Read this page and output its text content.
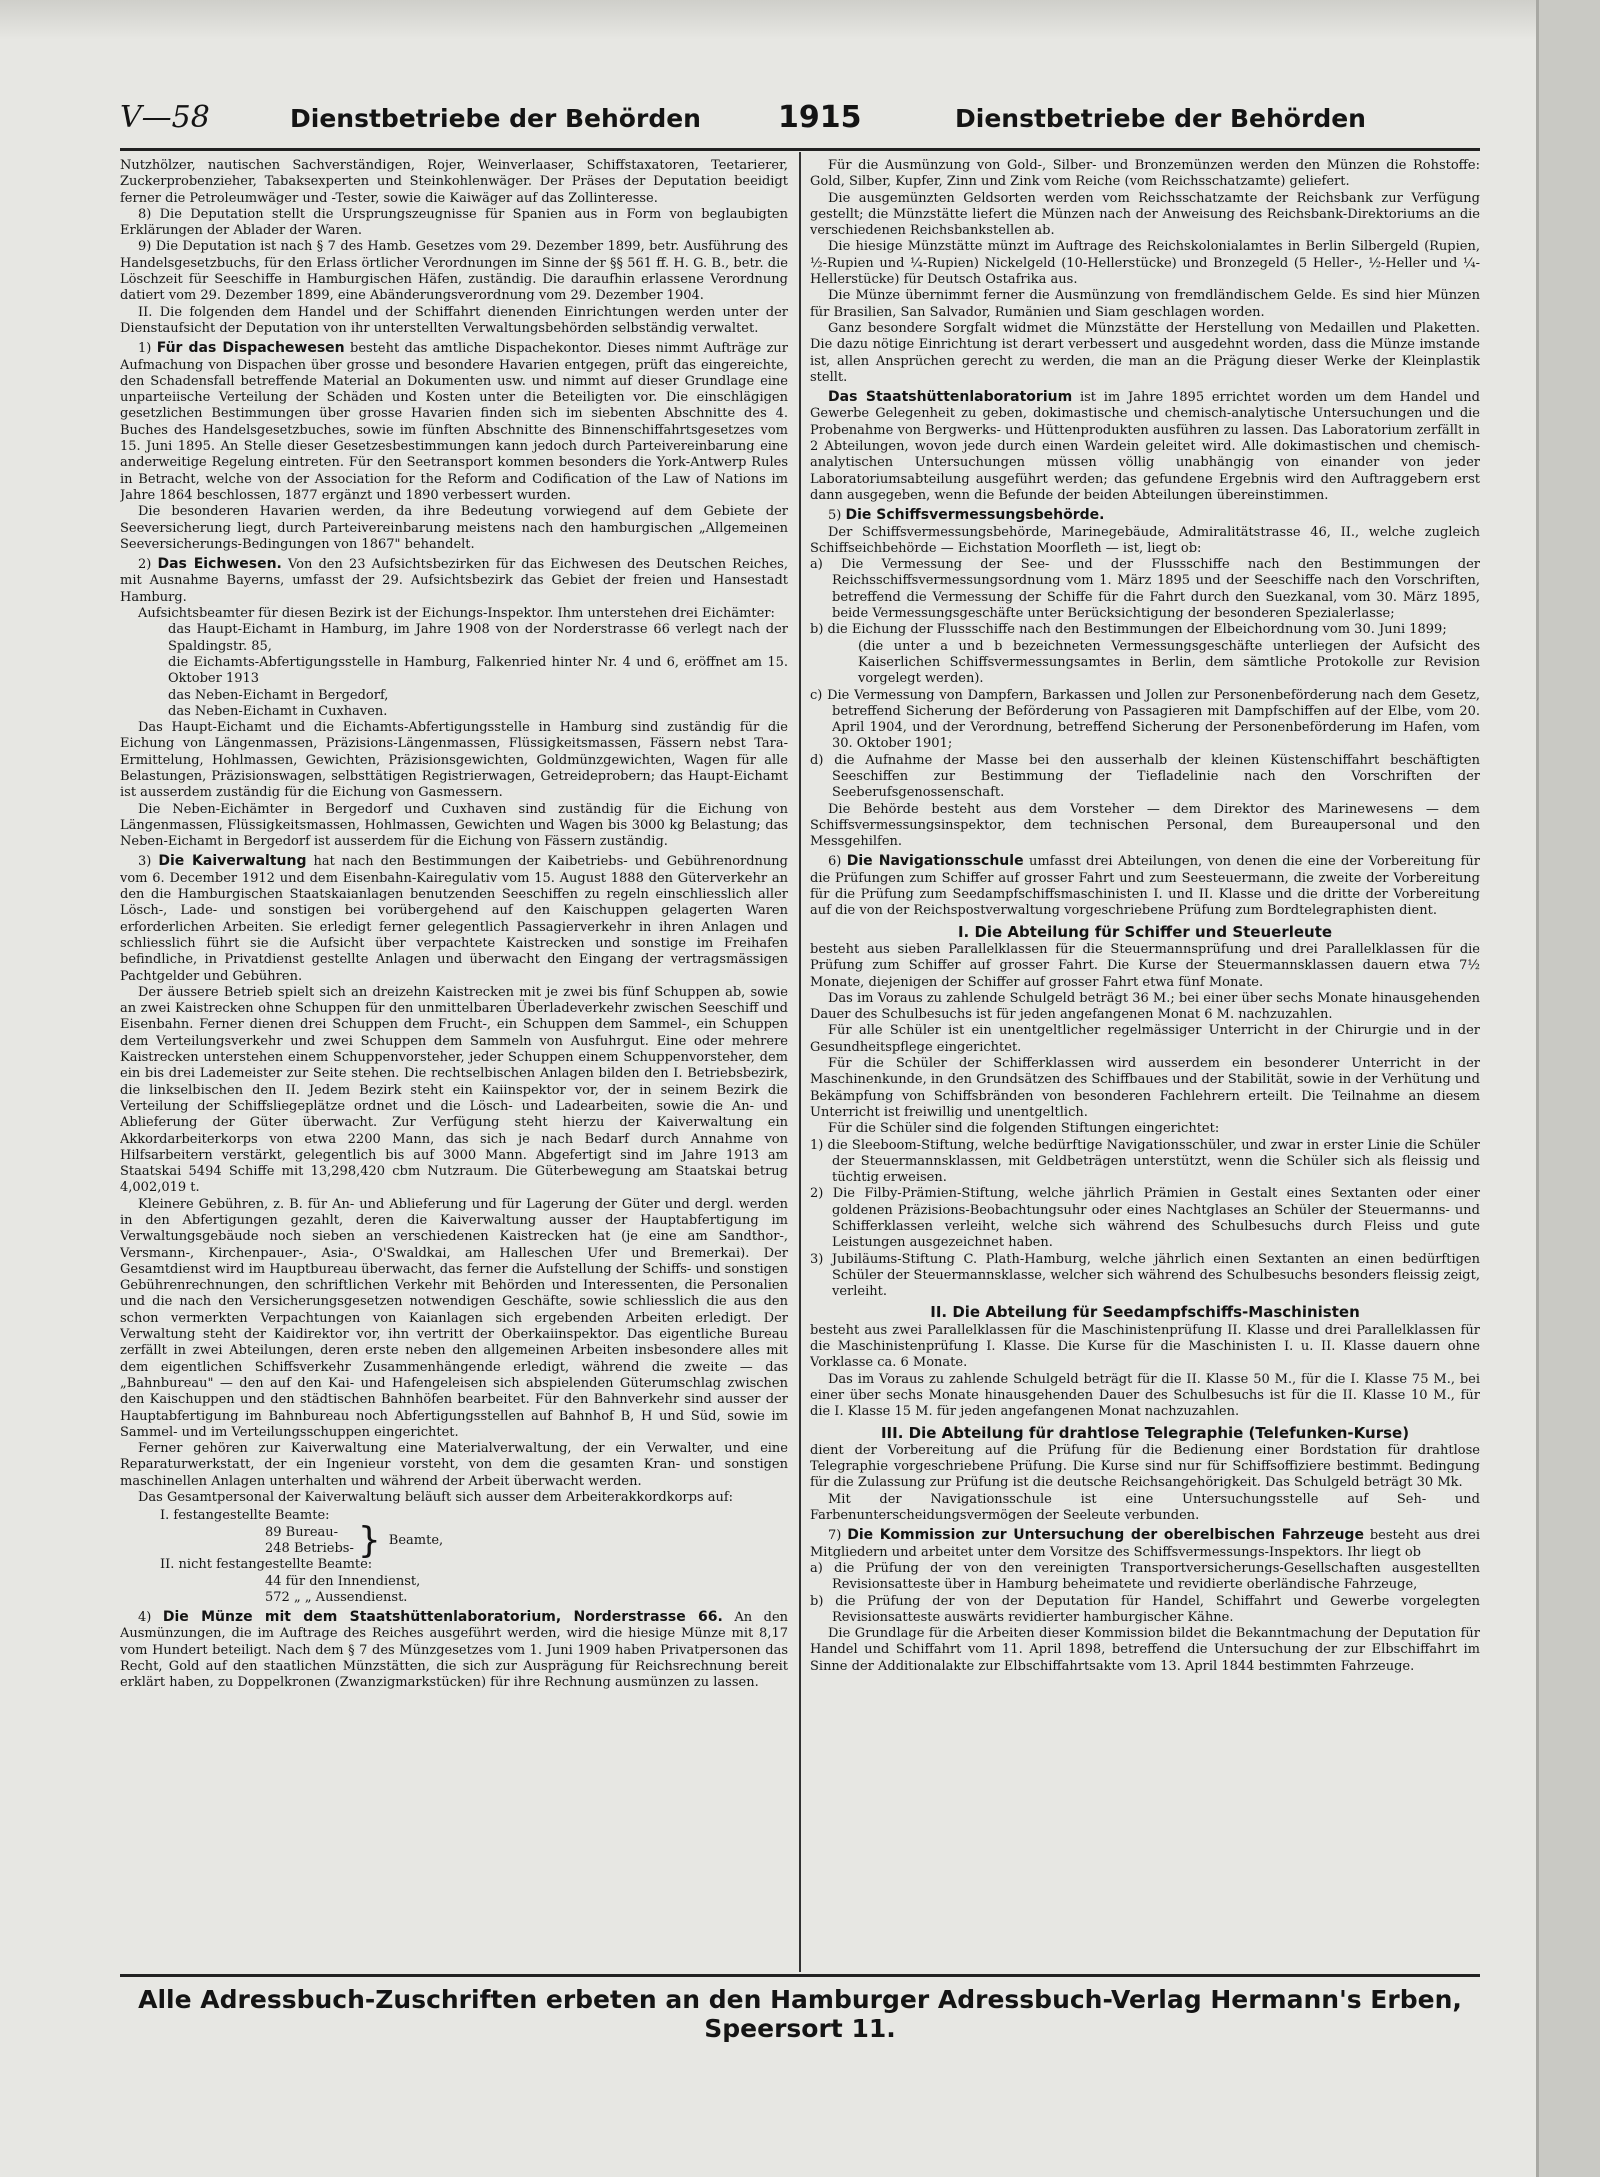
V—58	Dienstbetriebe der Behörden	1915	Dienstbetriebe der Behörden

Nutzhölzer, nautischen Sachverständigen, Rojer, Weinverlaaser, Schiffstaxatoren, Teetarierer, Zuckerprobenzieher, Tabaksexperten und Steinkohlenwäger. Der Präses der Deputation beeidigt ferner die Petroleumwäger und -Tester, sowie die Kaiwäger auf das Zollinteresse.

8) Die Deputation stellt die Ursprungszeugnisse für Spanien aus in Form von beglaubigten Erklärungen der Ablader der Waren.

9) Die Deputation ist nach § 7 des Hamb. Gesetzes vom 29. Dezember 1899, betr. Ausführung des Handelsgesetzbuchs, für den Erlass örtlicher Verordnungen im Sinne der §§ 561 ff. H. G. B., betr. die Löschzeit für Seeschiffe in Hamburgischen Häfen, zuständig. Die daraufhin erlassene Verordnung datiert vom 29. Dezember 1899, eine Abänderungsverordnung vom 29. Dezember 1904.

II. Die folgenden dem Handel und der Schiffahrt dienenden Einrichtungen werden unter der Dienstaufsicht der Deputation von ihr unterstellten Verwaltungsbehörden selbständig verwaltet.

1) Für das Dispachewesen besteht das amtliche Dispachekontor. Dieses nimmt Aufträge zur Aufmachung von Dispachen über grosse und besondere Havarien entgegen, prüft das eingereichte, den Schadensfall betreffende Material an Dokumenten usw. und nimmt auf dieser Grundlage eine unparteiische Verteilung der Schäden und Kosten unter die Beteiligten vor. Die einschlägigen gesetzlichen Bestimmungen über grosse Havarien finden sich im siebenten Abschnitte des 4. Buches des Handelsgesetzbuches, sowie im fünften Abschnitte des Binnenschiffahrtsgesetzes vom 15. Juni 1895. An Stelle dieser Gesetzesbestimmungen kann jedoch durch Parteivereinbarung eine anderweitige Regelung eintreten. Für den Seetransport kommen besonders die York-Antwerp Rules in Betracht, welche von der Association for the Reform and Codification of the Law of Nations im Jahre 1864 beschlossen, 1877 ergänzt und 1890 verbessert wurden.

Die besonderen Havarien werden, da ihre Bedeutung vorwiegend auf dem Gebiete der Seeversicherung liegt, durch Parteivereinbarung meistens nach den hamburgischen „Allgemeinen Seeversicherungs-Bedingungen von 1867" behandelt.

2) Das Eichwesen. Von den 23 Aufsichtsbezirken für das Eichwesen des Deutschen Reiches, mit Ausnahme Bayerns, umfasst der 29. Aufsichtsbezirk das Gebiet der freien und Hansestadt Hamburg.

Aufsichtsbeamter für diesen Bezirk ist der Eichungs-Inspektor. Ihm unterstehen drei Eichämter:

das Haupt-Eichamt in Hamburg, im Jahre 1908 von der Norderstrasse 66 verlegt nach der Spaldingstr. 85,

die Eichamts-Abfertigungsstelle in Hamburg, Falkenried hinter Nr. 4 und 6, eröffnet am 15. Oktober 1913

das Neben-Eichamt in Bergedorf,

das Neben-Eichamt in Cuxhaven.

Das Haupt-Eichamt und die Eichamts-Abfertigungsstelle in Hamburg sind zuständig für die Eichung von Längenmassen, Präzisions-Längenmassen, Flüssigkeitsmassen, Fässern nebst Tara-Ermittelung, Hohlmassen, Gewichten, Präzisionsgewichten, Goldmünzgewichten, Wagen für alle Belastungen, Präzisionswagen, selbsttätigen Registrierwagen, Getreideprobern; das Haupt-Eichamt ist ausserdem zuständig für die Eichung von Gasmessern.

Die Neben-Eichämter in Bergedorf und Cuxhaven sind zuständig für die Eichung von Längenmassen, Flüssigkeitsmassen, Hohlmassen, Gewichten und Wagen bis 3000 kg Belastung; das Neben-Eichamt in Bergedorf ist ausserdem für die Eichung von Fässern zuständig.

3) Die Kaiverwaltung hat nach den Bestimmungen der Kaibetriebs- und Gebührenordnung vom 6. December 1912 und dem Eisenbahn-Kairegulativ vom 15. August 1888 den Güterverkehr an den die Hamburgischen Staatskaianlagen benutzenden Seeschiffen zu regeln einschliesslich aller Lösch-, Lade- und sonstigen bei vorübergehend auf den Kaischuppen gelagerten Waren erforderlichen Arbeiten. Sie erledigt ferner gelegentlich Passagierverkehr in ihren Anlagen und schliesslich führt sie die Aufsicht über verpachtete Kaistrecken und sonstige im Freihafen befindliche, in Privatdienst gestellte Anlagen und überwacht den Eingang der vertragsmässigen Pachtgelder und Gebühren.

Der äussere Betrieb spielt sich an dreizehn Kaistrecken mit je zwei bis fünf Schuppen ab, sowie an zwei Kaistrecken ohne Schuppen für den unmittelbaren Überladeverkehr zwischen Seeschiff und Eisenbahn. Ferner dienen drei Schuppen dem Frucht-, ein Schuppen dem Sammel-, ein Schuppen dem Verteilungsverkehr und zwei Schuppen dem Sammeln von Ausfuhrgut. Eine oder mehrere Kaistrecken unterstehen einem Schuppenvorsteher, jeder Schuppen einem Schuppenvorsteher, dem ein bis drei Lademeister zur Seite stehen. Die rechtselbischen Anlagen bilden den I. Betriebsbezirk, die linkselbischen den II. Jedem Bezirk steht ein Kaiinspektor vor, der in seinem Bezirk die Verteilung der Schiffsliegeplätze ordnet und die Lösch- und Ladearbeiten, sowie die An- und Ablieferung der Güter überwacht. Zur Verfügung steht hierzu der Kaiverwaltung ein Akkordarbeiterkorps von etwa 2200 Mann, das sich je nach Bedarf durch Annahme von Hilfsarbeitern verstärkt, gelegentlich bis auf 3000 Mann. Abgefertigt sind im Jahre 1913 am Staatskai 5494 Schiffe mit 13,298,420 cbm Nutzraum. Die Güterbewegung am Staatskai betrug 4,002,019 t.

Kleinere Gebühren, z. B. für An- und Ablieferung und für Lagerung der Güter und dergl. werden in den Abfertigungen gezahlt, deren die Kaiverwaltung ausser der Hauptabfertigung im Verwaltungsgebäude noch sieben an verschiedenen Kaistrecken hat (je eine am Sandthor-, Versmann-, Kirchenpauer-, Asia-, O'Swaldkai, am Halleschen Ufer und Bremerkai). Der Gesamtdienst wird im Hauptbureau überwacht, das ferner die Aufstellung der Schiffs- und sonstigen Gebührenrechnungen, den schriftlichen Verkehr mit Behörden und Interessenten, die Personalien und die nach den Versicherungsgesetzen notwendigen Geschäfte, sowie schliesslich die aus den schon vermerkten Verpachtungen von Kaianlagen sich ergebenden Arbeiten erledigt. Der Verwaltung steht der Kaidirektor vor, ihn vertritt der Oberkaiinspektor. Das eigentliche Bureau zerfällt in zwei Abteilungen, deren erste neben den allgemeinen Arbeiten insbesondere alles mit dem eigentlichen Schiffsverkehr Zusammenhängende erledigt, während die zweite — das „Bahnbureau" — den auf den Kai- und Hafengeleisen sich abspielenden Güterumschlag zwischen den Kaischuppen und den städtischen Bahnhöfen bearbeitet. Für den Bahnverkehr sind ausser der Hauptabfertigung im Bahnbureau noch Abfertigungsstellen auf Bahnhof B, H und Süd, sowie im Sammel- und im Verteilungsschuppen eingerichtet.

Ferner gehören zur Kaiverwaltung eine Materialverwaltung, der ein Verwalter, und eine Reparaturwerkstatt, der ein Ingenieur vorsteht, von dem die gesamten Kran- und sonstigen maschinellen Anlagen unterhalten und während der Arbeit überwacht werden.

Das Gesamtpersonal der Kaiverwaltung beläuft sich ausser dem Arbeiterakkordkorps auf:

I. festangestellte Beamte:
89 Bureau-
248 Betriebs- } Beamte,
II. nicht festangestellte Beamte:
44 für den Innendienst,
572 „ „ Aussendienst.

4) Die Münze mit dem Staatshüttenlaboratorium, Norderstrasse 66. An den Ausmünzungen, die im Auftrage des Reiches ausgeführt werden, wird die hiesige Münze mit 8,17 vom Hundert beteiligt. Nach dem § 7 des Münzgesetzes vom 1. Juni 1909 haben Privatpersonen das Recht, Gold auf den staatlichen Münzstätten, die sich zur Ausprägung für Reichsrechnung bereit erklärt haben, zu Doppelkronen (Zwanzigmarkstücken) für ihre Rechnung ausmünzen zu lassen.

Für die Ausmünzung von Gold-, Silber- und Bronzemünzen werden den Münzen die Rohstoffe: Gold, Silber, Kupfer, Zinn und Zink vom Reiche (vom Reichsschatzamte) geliefert.

Die ausgemünzten Geldsorten werden vom Reichsschatzamte der Reichsbank zur Verfügung gestellt; die Münzstätte liefert die Münzen nach der Anweisung des Reichsbank-Direktoriums an die verschiedenen Reichsbankstellen ab.

Die hiesige Münzstätte münzt im Auftrage des Reichskolonialamtes in Berlin Silbergeld (Rupien, ½-Rupien und ¼-Rupien) Nickelgeld (10-Hellerstücke) und Bronzegeld (5 Heller-, ½-Heller und ¼-Hellerstücke) für Deutsch Ostafrika aus.

Die Münze übernimmt ferner die Ausmünzung von fremdländischem Gelde. Es sind hier Münzen für Brasilien, San Salvador, Rumänien und Siam geschlagen worden.

Ganz besondere Sorgfalt widmet die Münzstätte der Herstellung von Medaillen und Plaketten. Die dazu nötige Einrichtung ist derart verbessert und ausgedehnt worden, dass die Münze imstande ist, allen Ansprüchen gerecht zu werden, die man an die Prägung dieser Werke der Kleinplastik stellt.

Das Staatshüttenlaboratorium ist im Jahre 1895 errichtet worden um dem Handel und Gewerbe Gelegenheit zu geben, dokimastische und chemisch-analytische Untersuchungen und die Probenahme von Bergwerks- und Hüttenprodukten ausführen zu lassen. Das Laboratorium zerfällt in 2 Abteilungen, wovon jede durch einen Wardein geleitet wird. Alle dokimastischen und chemisch-analytischen Untersuchungen müssen völlig unabhängig von einander von jeder Laboratoriumsabteilung ausgeführt werden; das gefundene Ergebnis wird den Auftraggebern erst dann ausgegeben, wenn die Befunde der beiden Abteilungen übereinstimmen.

5) Die Schiffsvermessungsbehörde.

Der Schiffsvermessungsbehörde, Marinegebäude, Admiralitätstrasse 46, II., welche zugleich Schiffseichbehörde — Eichstation Moorfleth — ist, liegt ob:

a) Die Vermessung der See- und der Flussschiffe nach den Bestimmungen der Reichsschiffsvermessungsordnung vom 1. März 1895 und der Seeschiffe nach den Vorschriften, betreffend die Vermessung der Schiffe für die Fahrt durch den Suezkanal, vom 30. März 1895, beide Vermessungsgeschäfte unter Berücksichtigung der besonderen Spezialerlasse;

b) die Eichung der Flussschiffe nach den Bestimmungen der Elbeichordnung vom 30. Juni 1899;

(die unter a und b bezeichneten Vermessungsgeschäfte unterliegen der Aufsicht des Kaiserlichen Schiffsvermessungsamtes in Berlin, dem sämtliche Protokolle zur Revision vorgelegt werden).

c) Die Vermessung von Dampfern, Barkassen und Jollen zur Personenbeförderung nach dem Gesetz, betreffend Sicherung der Beförderung von Passagieren mit Dampfschiffen auf der Elbe, vom 20. April 1904, und der Verordnung, betreffend Sicherung der Personenbeförderung im Hafen, vom 30. Oktober 1901;

d) die Aufnahme der Masse bei den ausserhalb der kleinen Küstenschiffahrt beschäftigten Seeschiffen zur Bestimmung der Tiefladelinie nach den Vorschriften der Seeberufsgenossenschaft.

Die Behörde besteht aus dem Vorsteher — dem Direktor des Marinewesens — dem Schiffsvermessungsinspektor, dem technischen Personal, dem Bureaupersonal und den Messgehilfen.

6) Die Navigationsschule umfasst drei Abteilungen, von denen die eine der Vorbereitung für die Prüfungen zum Schiffer auf grosser Fahrt und zum Seesteuermann, die zweite der Vorbereitung für die Prüfung zum Seedampfschiffsmaschinisten I. und II. Klasse und die dritte der Vorbereitung auf die von der Reichspostverwaltung vorgeschriebene Prüfung zum Bordtelegraphisten dient.

I. Die Abteilung für Schiffer und Steuerleute

besteht aus sieben Parallelklassen für die Steuermannsprüfung und drei Parallelklassen für die Prüfung zum Schiffer auf grosser Fahrt. Die Kurse der Steuermannsklassen dauern etwa 7½ Monate, diejenigen der Schiffer auf grosser Fahrt etwa fünf Monate.

Das im Voraus zu zahlende Schulgeld beträgt 36 M.; bei einer über sechs Monate hinausgehenden Dauer des Schulbesuchs ist für jeden angefangenen Monat 6 M. nachzuzahlen.

Für alle Schüler ist ein unentgeltlicher regelmässiger Unterricht in der Chirurgie und in der Gesundheitspflege eingerichtet.

Für die Schüler der Schifferklassen wird ausserdem ein besonderer Unterricht in der Maschinenkunde, in den Grundsätzen des Schiffbaues und der Stabilität, sowie in der Verhütung und Bekämpfung von Schiffsbränden von besonderen Fachlehrern erteilt. Die Teilnahme an diesem Unterricht ist freiwillig und unentgeltlich.

Für die Schüler sind die folgenden Stiftungen eingerichtet:

1) die Sleeboom-Stiftung, welche bedürftige Navigationsschüler, und zwar in erster Linie die Schüler der Steuermannsklassen, mit Geldbeträgen unterstützt, wenn die Schüler sich als fleissig und tüchtig erweisen.

2) Die Filby-Prämien-Stiftung, welche jährlich Prämien in Gestalt eines Sextanten oder einer goldenen Präzisions-Beobachtungsuhr oder eines Nachtglases an Schüler der Steuermanns- und Schifferklassen verleiht, welche sich während des Schulbesuchs durch Fleiss und gute Leistungen ausgezeichnet haben.

3) Jubiläums-Stiftung C. Plath-Hamburg, welche jährlich einen Sextanten an einen bedürftigen Schüler der Steuermannsklasse, welcher sich während des Schulbesuchs besonders fleissig zeigt, verleiht.

II. Die Abteilung für Seedampfschiffs-Maschinisten

besteht aus zwei Parallelklassen für die Maschinistenprüfung II. Klasse und drei Parallelklassen für die Maschinistenprüfung I. Klasse. Die Kurse für die Maschinisten I. u. II. Klasse dauern ohne Vorklasse ca. 6 Monate.

Das im Voraus zu zahlende Schulgeld beträgt für die II. Klasse 50 M., für die I. Klasse 75 M., bei einer über sechs Monate hinausgehenden Dauer des Schulbesuchs ist für die II. Klasse 10 M., für die I. Klasse 15 M. für jeden angefangenen Monat nachzuzahlen.

III. Die Abteilung für drahtlose Telegraphie (Telefunken-Kurse)

dient der Vorbereitung auf die Prüfung für die Bedienung einer Bordstation für drahtlose Telegraphie vorgeschriebene Prüfung. Die Kurse sind nur für Schiffsoffiziere bestimmt. Bedingung für die Zulassung zur Prüfung ist die deutsche Reichsangehörigkeit. Das Schulgeld beträgt 30 Mk.

Mit der Navigationsschule ist eine Untersuchungsstelle auf Seh- und Farbenunterscheidungsvermögen der Seeleute verbunden.

7) Die Kommission zur Untersuchung der oberelbischen Fahrzeuge besteht aus drei Mitgliedern und arbeitet unter dem Vorsitze des Schiffsvermessungs-Inspektors. Ihr liegt ob

a) die Prüfung der von den vereinigten Transportversicherungs-Gesellschaften ausgestellten Revisionsatteste über in Hamburg beheimatete und revidierte oberländische Fahrzeuge,

b) die Prüfung der von der Deputation für Handel, Schiffahrt und Gewerbe vorgelegten Revisionsatteste auswärts revidierter hamburgischer Kähne.

Die Grundlage für die Arbeiten dieser Kommission bildet die Bekanntmachung der Deputation für Handel und Schiffahrt vom 11. April 1898, betreffend die Untersuchung der zur Elbschiffahrt im Sinne der Additionalakte zur Elbschiffahrtsakte vom 13. April 1844 bestimmten Fahrzeuge.

Alle Adressbuch-Zuschriften erbeten an den Hamburger Adressbuch-Verlag Hermann's Erben, Speersort 11.
